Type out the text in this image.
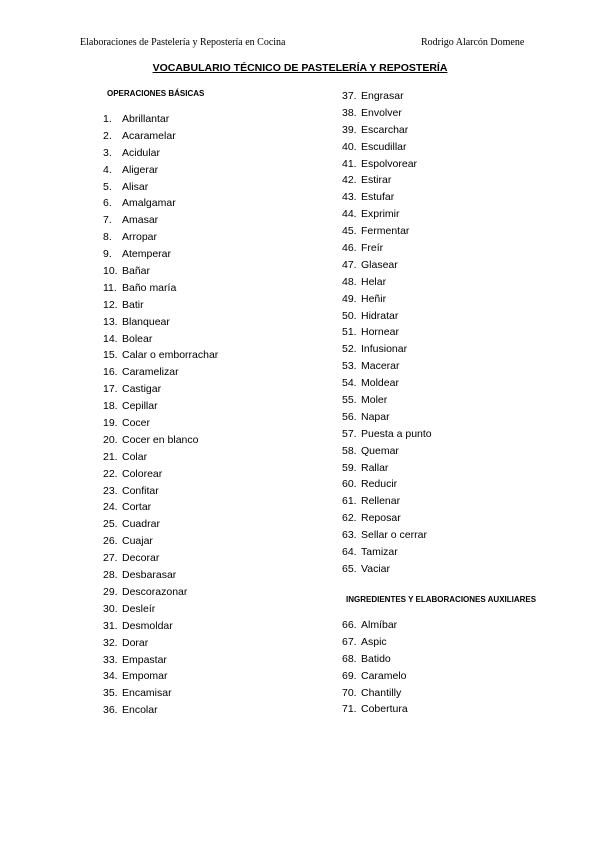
Elaboraciones de Pastelería y Repostería en Cocina	Rodrigo Alarcón Domene
VOCABULARIO TÉCNICO DE PASTELERÍA Y REPOSTERÍA
OPERACIONES BÁSICAS
1. Abrillantar
2. Acaramelar
3. Acidular
4. Aligerar
5. Alisar
6. Amalgamar
7. Amasar
8. Arropar
9. Atemperar
10. Bañar
11. Baño maría
12. Batir
13. Blanquear
14. Bolear
15. Calar o emborrachar
16. Caramelizar
17. Castigar
18. Cepillar
19. Cocer
20. Cocer en blanco
21. Colar
22. Colorear
23. Confitar
24. Cortar
25. Cuadrar
26. Cuajar
27. Decorar
28. Desbarasar
29. Descorazonar
30. Desleír
31. Desmoldar
32. Dorar
33. Empastar
34. Empomar
35. Encamisar
36. Encolar
37. Engrasar
38. Envolver
39. Escarchar
40. Escudillar
41. Espolvorear
42. Estirar
43. Estufar
44. Exprimir
45. Fermentar
46. Freír
47. Glasear
48. Helar
49. Heñir
50. Hidratar
51. Hornear
52. Infusionar
53. Macerar
54. Moldear
55. Moler
56. Napar
57. Puesta a punto
58. Quemar
59. Rallar
60. Reducir
61. Rellenar
62. Reposar
63. Sellar o cerrar
64. Tamizar
65. Vaciar
INGREDIENTES Y ELABORACIONES AUXILIARES
66. Almíbar
67. Aspic
68. Batido
69. Caramelo
70. Chantilly
71. Cobertura
